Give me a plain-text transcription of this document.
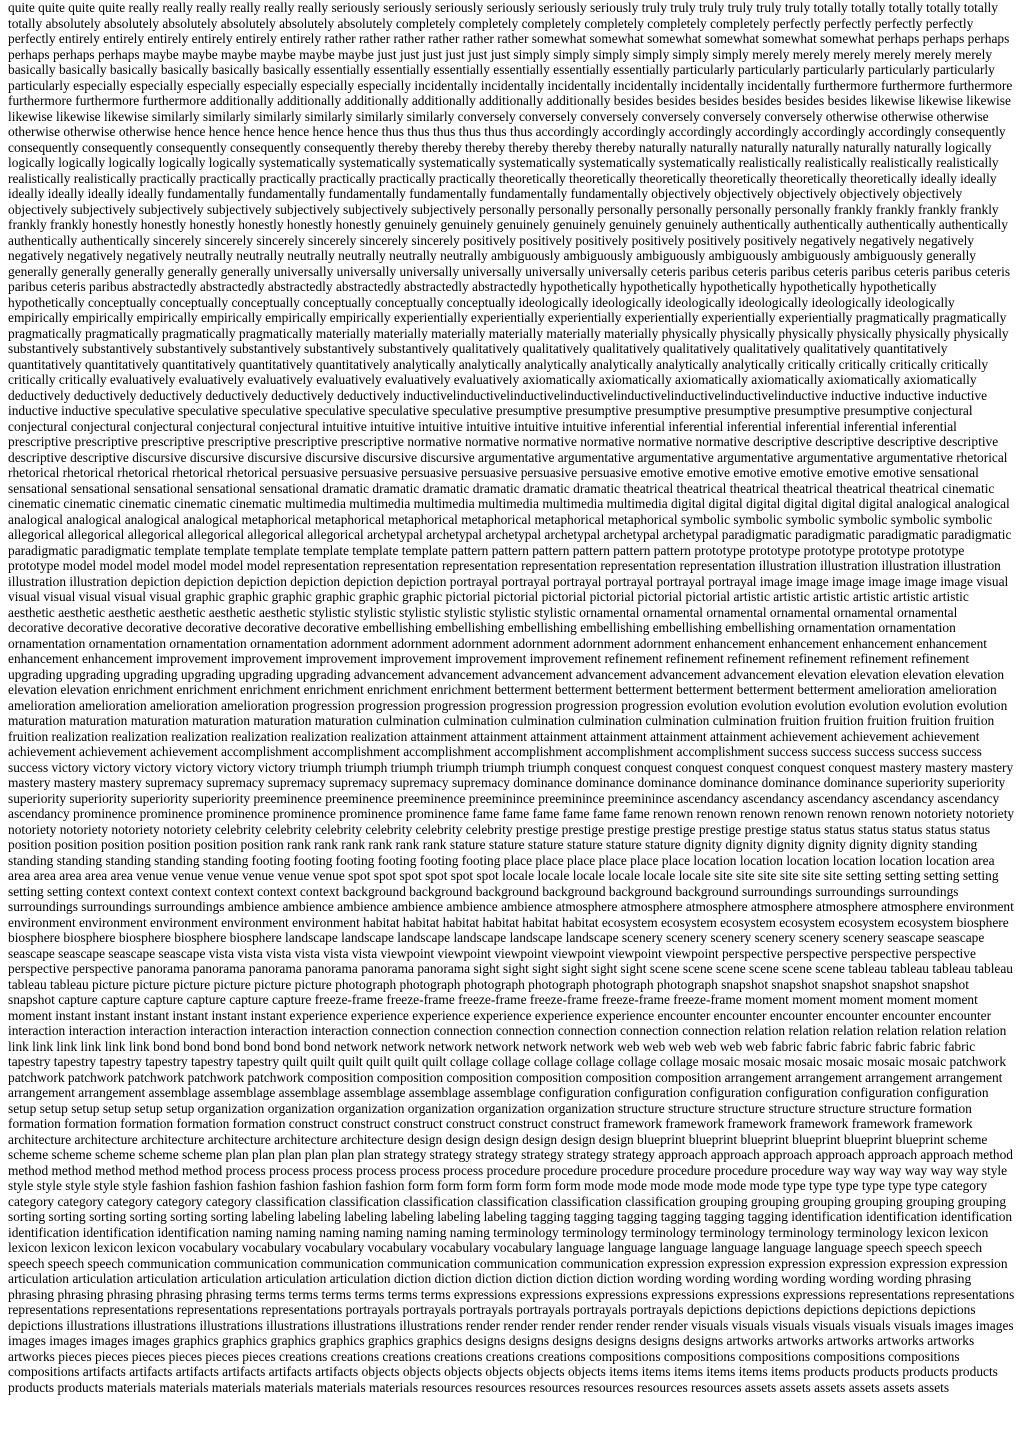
quite quite quite quite really really really really really really seriously seriously seriously seriously seriously seriously truly truly truly truly truly truly totally totally totally totally totally totally absolutely absolutely absolutely absolutely absolutely absolutely completely completely completely completely completely completely perfectly perfectly perfectly perfectly perfectly entirely entirely entirely entirely entirely entirely rather rather rather rather rather rather somewhat somewhat somewhat somewhat somewhat somewhat perhaps perhaps perhaps perhaps perhaps perhaps maybe maybe maybe maybe maybe maybe just just just just just just simply simply simply simply simply simply merely merely merely merely merely merely basically basically basically basically basically basically essentially essentially essentially essentially essentially essentially particularly particularly particularly particularly particularly particularly especially especially especially especially especially especially incidentally incidentally incidentally incidentally incidentally incidentally furthermore furthermore furthermore furthermore furthermore furthermore additionally additionally additionally additionally additionally additionally besides besides besides besides besides besides likewise likewise likewise likewise likewise likewise similarly similarly similarly similarly similarly similarly conversely conversely conversely conversely conversely conversely otherwise otherwise otherwise otherwise otherwise otherwise hence hence hence hence hence hence thus thus thus thus thus thus accordingly accordingly accordingly accordingly accordingly accordingly consequently consequently consequently consequently consequently consequently thereby thereby thereby thereby thereby thereby naturally naturally naturally naturally naturally naturally logically logically logically logically logically logically systematically systematically systematically systematically systematically systematically realistically realistically realistically realistically realistically realistically practically practically practically practically practically practically theoretically theoretically theoretically theoretically theoretically theoretically ideally ideally ideally ideally ideally ideally fundamentally fundamentally fundamentally fundamentally fundamentally fundamentally objectively objectively objectively objectively objectively objectively subjectively subjectively subjectively subjectively subjectively subjectively personally personally personally personally personally personally frankly frankly frankly frankly frankly frankly honestly honestly honestly honestly honestly honestly genuinely genuinely genuinely genuinely genuinely genuinely authentically authentically authentically authentically authentically authentically sincerely sincerely sincerely sincerely sincerely sincerely positively positively positively positively positively positively negatively negatively negatively negatively negatively negatively neutrally neutrally neutrally neutrally neutrally neutrally ambiguously ambiguously ambiguously ambiguously ambiguously ambiguously generally generally generally generally generally generally universally universally universally universally universally universally ceteris paribus ceteris paribus ceteris paribus ceteris paribus ceteris paribus ceteris paribus abstractedly abstractedly abstractedly abstractedly abstractedly abstractedly hypothetically hypothetically hypothetically hypothetically hypothetically hypothetically conceptually conceptually conceptually conceptually conceptually conceptually ideologically ideologically ideologically ideologically ideologically ideologically empirically empirically empirically empirically empirically empirically experientially experientially experientially experientially experientially experientially pragmatically pragmatically pragmatically pragmatically pragmatically pragmatically materially materially materially materially materially materially physically physically physically physically physically physically substantively substantively substantively substantively substantively substantively qualitatively qualitatively qualitatively qualitatively qualitatively qualitatively quantitatively quantitatively quantitatively quantitatively quantitatively quantitatively analytically analytically analytically analytically analytically analytically critically critically critically critically critically critically evaluatively evaluatively evaluatively evaluatively evaluatively evaluatively axiomatically axiomatically axiomatically axiomatically axiomatically axiomatically deductively deductively deductively deductively deductively deductively inductivelinductivelinductivelinductivelinductivelinductivelinductivelinductive inductive inductive inductive inductive inductive speculative speculative speculative speculative speculative speculative presumptive presumptive presumptive presumptive presumptive presumptive conjectural conjectural conjectural conjectural conjectural conjectural intuitive intuitive intuitive intuitive intuitive intuitive inferential inferential inferential inferential inferential inferential prescriptive prescriptive prescriptive prescriptive prescriptive prescriptive normative normative normative normative normative normative descriptive descriptive descriptive descriptive descriptive descriptive discursive discursive discursive discursive discursive discursive argumentative argumentative argumentative argumentative argumentative argumentative rhetorical rhetorical rhetorical rhetorical rhetorical rhetorical persuasive persuasive persuasive persuasive persuasive persuasive emotive emotive emotive emotive emotive emotive sensational sensational sensational sensational sensational sensational dramatic dramatic dramatic dramatic dramatic dramatic theatrical theatrical theatrical theatrical theatrical theatrical cinematic cinematic cinematic cinematic cinematic cinematic multimedia multimedia multimedia multimedia multimedia multimedia digital digital digital digital digital digital analogical analogical analogical analogical analogical analogical metaphorical metaphorical metaphorical metaphorical metaphorical metaphorical symbolic symbolic symbolic symbolic symbolic symbolic allegorical allegorical allegorical allegorical allegorical allegorical archetypal archetypal archetypal archetypal archetypal archetypal paradigmatic paradigmatic paradigmatic paradigmatic paradigmatic paradigmatic template template template template template template pattern pattern pattern pattern pattern pattern prototype prototype prototype prototype prototype prototype model model model model model model representation representation representation representation representation representation illustration illustration illustration illustration illustration illustration depiction depiction depiction depiction depiction depiction portrayal portrayal portrayal portrayal portrayal portrayal image image image image image image visual visual visual visual visual visual graphic graphic graphic graphic graphic graphic pictorial pictorial pictorial pictorial pictorial pictorial artistic artistic artistic artistic artistic artistic aesthetic aesthetic aesthetic aesthetic aesthetic aesthetic stylistic stylistic stylistic stylistic stylistic stylistic ornamental ornamental ornamental ornamental ornamental ornamental decorative decorative decorative decorative decorative decorative embellishing embellishing embellishing embellishing embellishing embellishing ornamentation ornamentation ornamentation ornamentation ornamentation ornamentation adornment adornment adornment adornment adornment adornment enhancement enhancement enhancement enhancement enhancement enhancement improvement improvement improvement improvement improvement improvement refinement refinement refinement refinement refinement refinement upgrading upgrading upgrading upgrading upgrading upgrading advancement advancement advancement advancement advancement advancement elevation elevation elevation elevation elevation elevation enrichment enrichment enrichment enrichment enrichment enrichment betterment betterment betterment betterment betterment betterment amelioration amelioration amelioration amelioration amelioration amelioration progression progression progression progression progression progression evolution evolution evolution evolution evolution evolution maturation maturation maturation maturation maturation maturation culmination culmination culmination culmination culmination culmination fruition fruition fruition fruition fruition fruition realization realization realization realization realization realization attainment attainment attainment attainment attainment attainment achievement achievement achievement achievement achievement achievement accomplishment accomplishment accomplishment accomplishment accomplishment accomplishment success success success success success success victory victory victory victory victory victory triumph triumph triumph triumph triumph triumph conquest conquest conquest conquest conquest conquest mastery mastery mastery mastery mastery mastery supremacy supremacy supremacy supremacy supremacy supremacy dominance dominance dominance dominance dominance dominance superiority superiority superiority superiority superiority superiority preeminence preeminence preeminence preeminince preeminince preeminince ascendancy ascendancy ascendancy ascendancy ascendancy ascendancy prominence prominence prominence prominence prominence prominence fame fame fame fame fame fame renown renown renown renown renown renown notoriety notoriety notoriety notoriety notoriety notoriety celebrity celebrity celebrity celebrity celebrity celebrity prestige prestige prestige prestige prestige prestige status status status status status status position position position position position position rank rank rank rank rank rank stature stature stature stature stature stature dignity dignity dignity dignity dignity dignity standing standing standing standing standing standing footing footing footing footing footing footing place place place place place place location location location location location location area area area area area area venue venue venue venue venue venue spot spot spot spot spot spot locale locale locale locale locale locale site site site site site site setting setting setting setting setting setting context context context context context context background background background background background background surroundings surroundings surroundings surroundings surroundings surroundings ambience ambience ambience ambience ambience ambience atmosphere atmosphere atmosphere atmosphere atmosphere atmosphere environment environment environment environment environment environment habitat habitat habitat habitat habitat habitat ecosystem ecosystem ecosystem ecosystem ecosystem ecosystem biosphere biosphere biosphere biosphere biosphere biosphere landscape landscape landscape landscape landscape landscape scenery scenery scenery scenery scenery scenery seascape seascape seascape seascape seascape seascape vista vista vista vista vista vista viewpoint viewpoint viewpoint viewpoint viewpoint viewpoint perspective perspective perspective perspective perspective perspective panorama panorama panorama panorama panorama panorama sight sight sight sight sight sight scene scene scene scene scene scene tableau tableau tableau tableau tableau tableau picture picture picture picture picture picture photograph photograph photograph photograph photograph photograph snapshot snapshot snapshot snapshot snapshot snapshot capture capture capture capture capture capture freeze-frame freeze-frame freeze-frame freeze-frame freeze-frame freeze-frame moment moment moment moment moment moment instant instant instant instant instant instant experience experience experience experience experience experience encounter encounter encounter encounter encounter encounter interaction interaction interaction interaction interaction interaction connection connection connection connection connection connection relation relation relation relation relation relation link link link link link link bond bond bond bond bond bond network network network network network network web web web web web web fabric fabric fabric fabric fabric fabric tapestry tapestry tapestry tapestry tapestry tapestry quilt quilt quilt quilt quilt quilt collage collage collage collage collage collage mosaic mosaic mosaic mosaic mosaic mosaic patchwork patchwork patchwork patchwork patchwork patchwork composition composition composition composition composition composition arrangement arrangement arrangement arrangement arrangement arrangement assemblage assemblage assemblage assemblage assemblage assemblage configuration configuration configuration configuration configuration configuration setup setup setup setup setup setup organization organization organization organization organization organization structure structure structure structure structure structure formation formation formation formation formation formation construct construct construct construct construct construct framework framework framework framework framework framework architecture architecture architecture architecture architecture architecture design design design design design design blueprint blueprint blueprint blueprint blueprint blueprint scheme scheme scheme scheme scheme scheme plan plan plan plan plan plan strategy strategy strategy strategy strategy strategy approach approach approach approach approach approach method method method method method method process process process process process process procedure procedure procedure procedure procedure procedure way way way way way way style style style style style style fashion fashion fashion fashion fashion fashion form form form form form form mode mode mode mode mode mode type type type type type type category category category category category category classification classification classification classification classification classification grouping grouping grouping grouping grouping grouping sorting sorting sorting sorting sorting sorting labeling labeling labeling labeling labeling labeling tagging tagging tagging tagging tagging tagging identification identification identification identification identification identification naming naming naming naming naming naming terminology terminology terminology terminology terminology terminology lexicon lexicon lexicon lexicon lexicon lexicon vocabulary vocabulary vocabulary vocabulary vocabulary vocabulary language language language language language language speech speech speech speech speech speech communication communication communication communication communication communication expression expression expression expression expression expression articulation articulation articulation articulation articulation articulation diction diction diction diction diction diction wording wording wording wording wording wording phrasing phrasing phrasing phrasing phrasing phrasing terms terms terms terms terms terms expressions expressions expressions expressions expressions expressions representations representations representations representations representations representations portrayals portrayals portrayals portrayals portrayals portrayals depictions depictions depictions depictions depictions depictions illustrations illustrations illustrations illustrations illustrations illustrations render render render render render render visuals visuals visuals visuals visuals visuals images images images images images images graphics graphics graphics graphics graphics graphics designs designs designs designs designs designs artworks artworks artworks artworks artworks artworks pieces pieces pieces pieces pieces pieces creations creations creations creations creations creations compositions compositions compositions compositions compositions compositions artifacts artifacts artifacts artifacts artifacts artifacts objects objects objects objects objects objects items items items items items items products products products products products products materials materials materials materials materials materials resources resources resources resources resources resources assets assets assets assets assets assets
